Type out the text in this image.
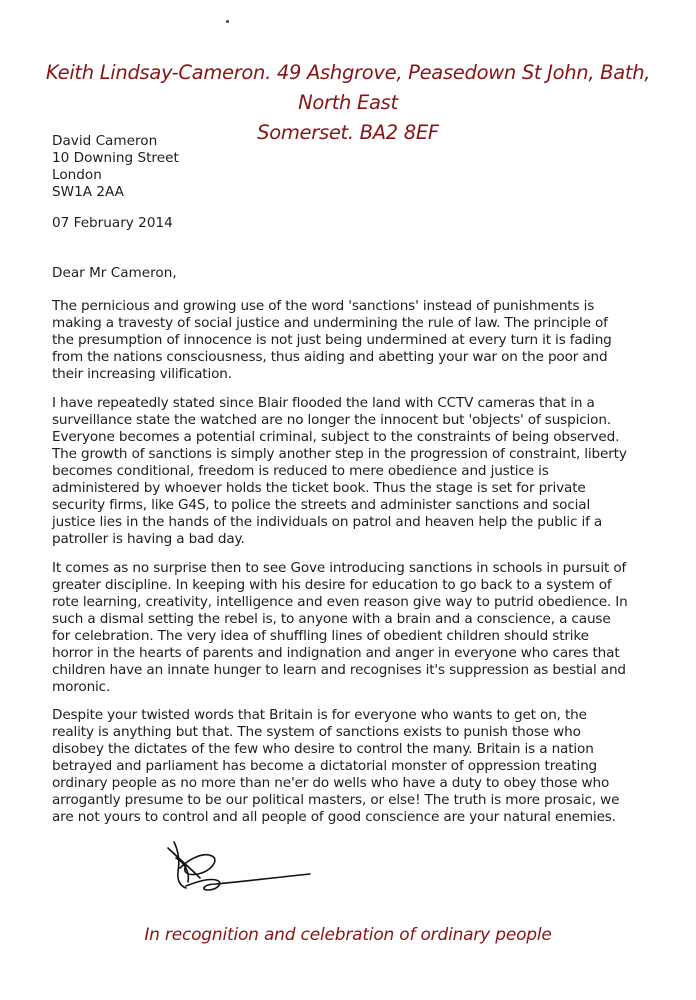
Keith Lindsay-Cameron. 49 Ashgrove, Peasedown St John, Bath, North East
Somerset. BA2 8EF
David Cameron
10 Downing Street
London
SW1A 2AA
07 February 2014
Dear Mr Cameron,
The pernicious and growing use of the word 'sanctions' instead of punishments is
making a travesty of social justice and undermining the rule of law. The principle of
the presumption of innocence is not just being undermined at every turn it is fading
from the nations consciousness, thus aiding and abetting your war on the poor and
their increasing vilification.
I have repeatedly stated since Blair flooded the land with CCTV cameras that in a
surveillance state the watched are no longer the innocent but 'objects' of suspicion.
Everyone becomes a potential criminal, subject to the constraints of being observed.
The growth of sanctions is simply another step in the progression of constraint, liberty
becomes conditional, freedom is reduced to mere obedience and justice is
administered by whoever holds the ticket book. Thus the stage is set for private
security firms, like G4S, to police the streets and administer sanctions and social
justice lies in the hands of the individuals on patrol and heaven help the public if a
patroller is having a bad day.
It comes as no surprise then to see Gove introducing sanctions in schools in pursuit of
greater discipline. In keeping with his desire for education to go back to a system of
rote learning, creativity, intelligence and even reason give way to putrid obedience. In
such a dismal setting the rebel is, to anyone with a brain and a conscience, a cause
for celebration. The very idea of shuffling lines of obedient children should strike
horror in the hearts of parents and indignation and anger in everyone who cares that
children have an innate hunger to learn and recognises it's suppression as bestial and
moronic.
Despite your twisted words that Britain is for everyone who wants to get on, the
reality is anything but that. The system of sanctions exists to punish those who
disobey the dictates of the few who desire to control the many. Britain is a nation
betrayed and parliament has become a dictatorial monster of oppression treating
ordinary people as no more than ne'er do wells who have a duty to obey those who
arrogantly presume to be our political masters, or else! The truth is more prosaic, we
are not yours to control and all people of good conscience are your natural enemies.
In recognition and celebration of ordinary people
